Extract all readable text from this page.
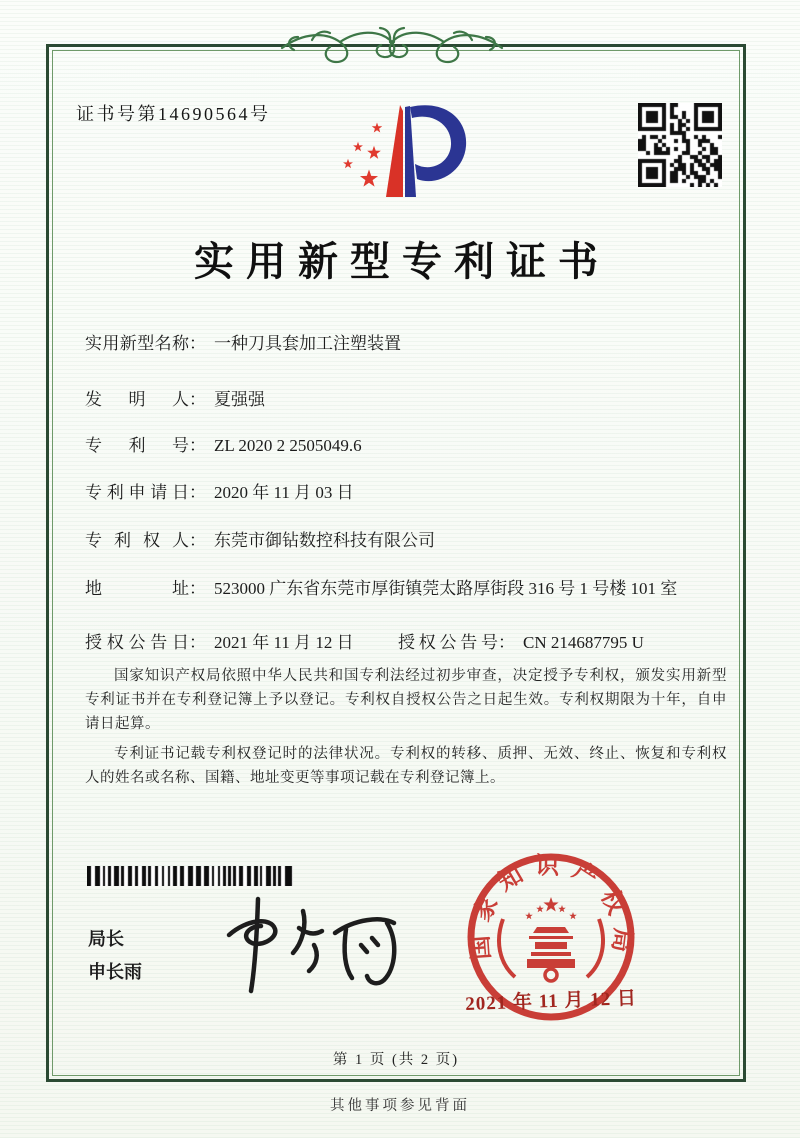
证书号第14690564号
实用新型专利证书
实用新型名称 ： 一种刀具套加工注塑装置
发明人 ： 夏强强
专利号 ： ZL 2020 2 2505049.6
专利申请日 ： 2020 年 11 月 03 日
专利权人 ： 东莞市御钻数控科技有限公司
地址 ： 523000 广东省东莞市厚街镇莞太路厚街段 316 号 1 号楼 101 室
授权公告日 ： 2021 年 11 月 12 日	授权公告号 ： CN 214687795 U

国家知识产权局依照中华人民共和国专利法经过初步审查，决定授予专利权，颁发实用新型专利证书并在专利登记簿上予以登记。专利权自授权公告之日起生效。专利权期限为十年，自申请日起算。

专利证书记载专利权登记时的法律状况。专利权的转移、质押、无效、终止、恢复和专利权人的姓名或名称、国籍、地址变更等事项记载在专利登记簿上。

国家知识产权局
2021 年 11 月 12 日
局长
申长雨
第 1 页 (共 2 页)
其他事项参见背面
